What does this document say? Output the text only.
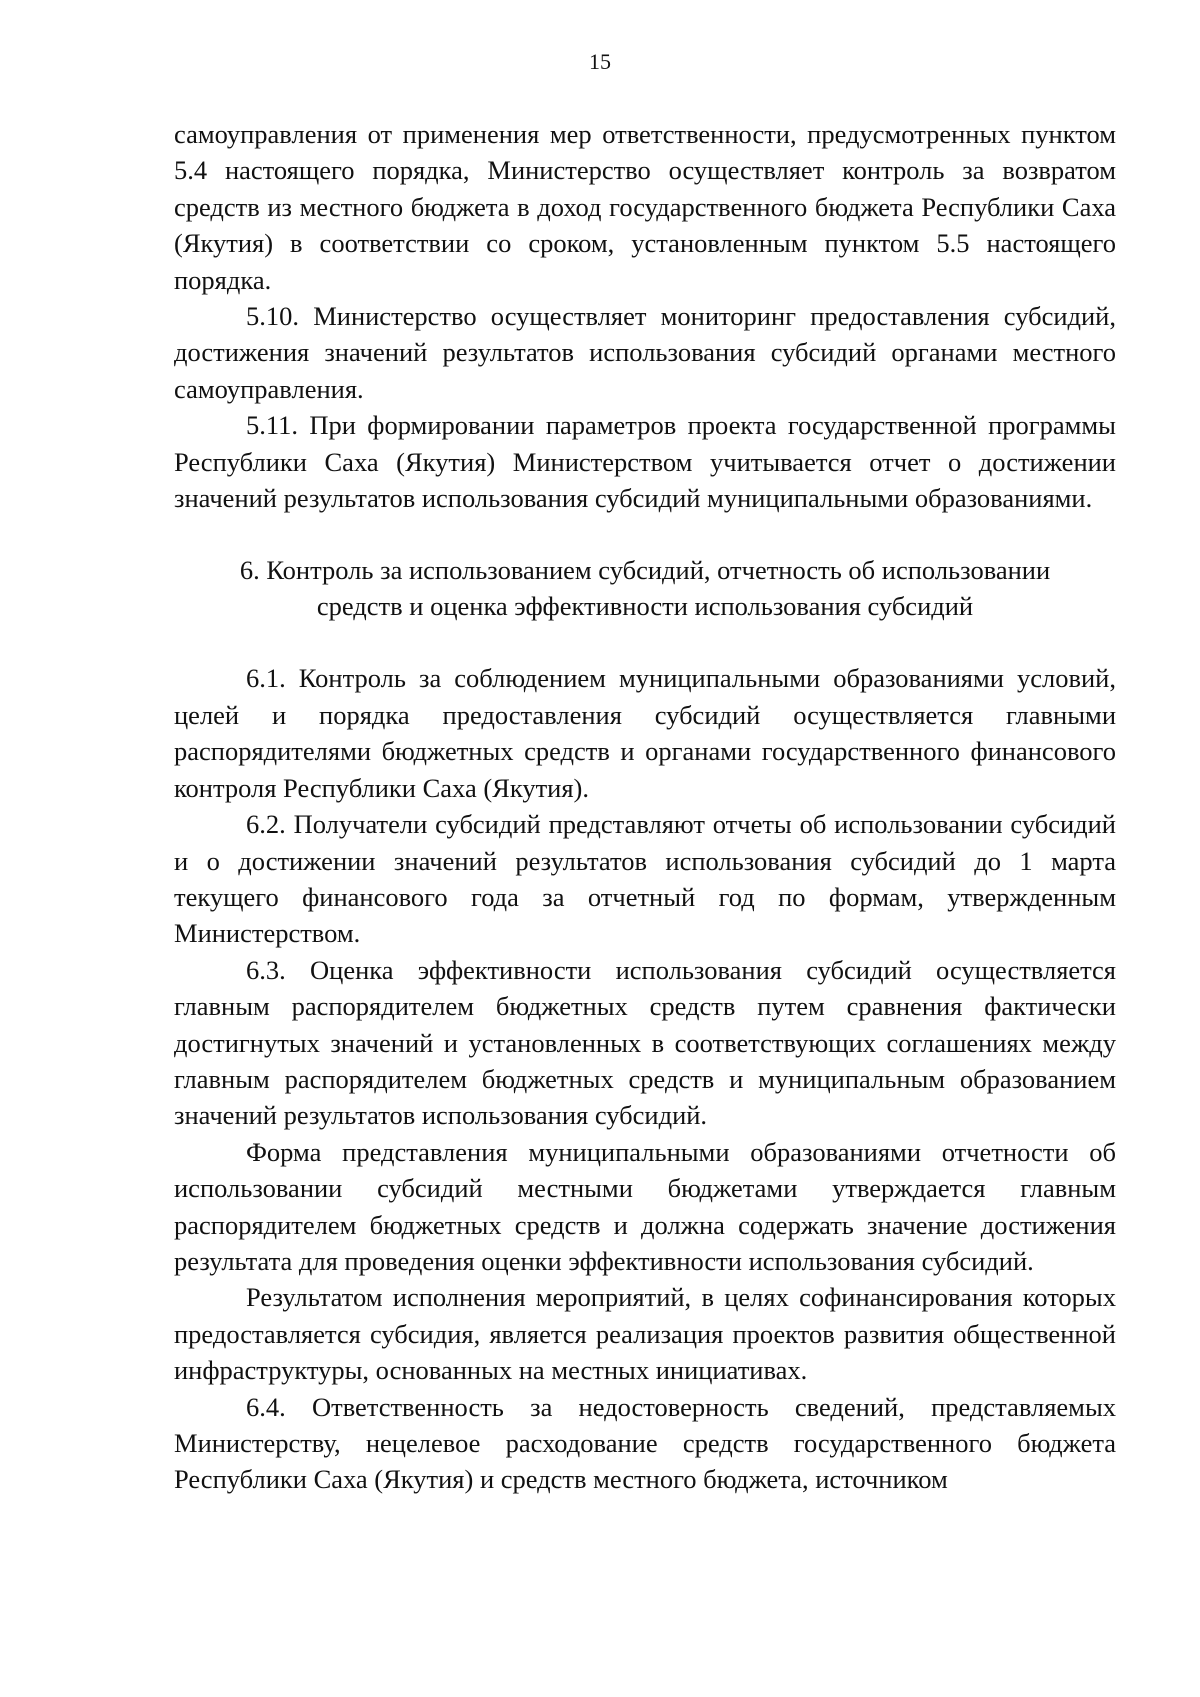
15

самоуправления от применения мер ответственности, предусмотренных пунктом 5.4 настоящего порядка, Министерство осуществляет контроль за возвратом средств из местного бюджета в доход государственного бюджета Республики Саха (Якутия) в соответствии со сроком, установленным пунктом 5.5 настоящего порядка.

5.10. Министерство осуществляет мониторинг предоставления субсидий, достижения значений результатов использования субсидий органами местного самоуправления.

5.11. При формировании параметров проекта государственной программы Республики Саха (Якутия) Министерством учитывается отчет о достижении значений результатов использования субсидий муниципальными образованиями.

6. Контроль за использованием субсидий, отчетность об использовании
средств и оценка эффективности использования субсидий

6.1. Контроль за соблюдением муниципальными образованиями условий, целей и порядка предоставления субсидий осуществляется главными распорядителями бюджетных средств и органами государственного финансового контроля Республики Саха (Якутия).

6.2. Получатели субсидий представляют отчеты об использовании субсидий и о достижении значений результатов использования субсидий до 1 марта текущего финансового года за отчетный год по формам, утвержденным Министерством.

6.3. Оценка эффективности использования субсидий осуществляется главным распорядителем бюджетных средств путем сравнения фактически достигнутых значений и установленных в соответствующих соглашениях между главным распорядителем бюджетных средств и муниципальным образованием значений результатов использования субсидий.

Форма представления муниципальными образованиями отчетности об использовании субсидий местными бюджетами утверждается главным распорядителем бюджетных средств и должна содержать значение достижения результата для проведения оценки эффективности использования субсидий.

Результатом исполнения мероприятий, в целях софинансирования которых предоставляется субсидия, является реализация проектов развития общественной инфраструктуры, основанных на местных инициативах.

6.4. Ответственность за недостоверность сведений, представляемых Министерству, нецелевое расходование средств государственного бюджета Республики Саха (Якутия) и средств местного бюджета, источником
